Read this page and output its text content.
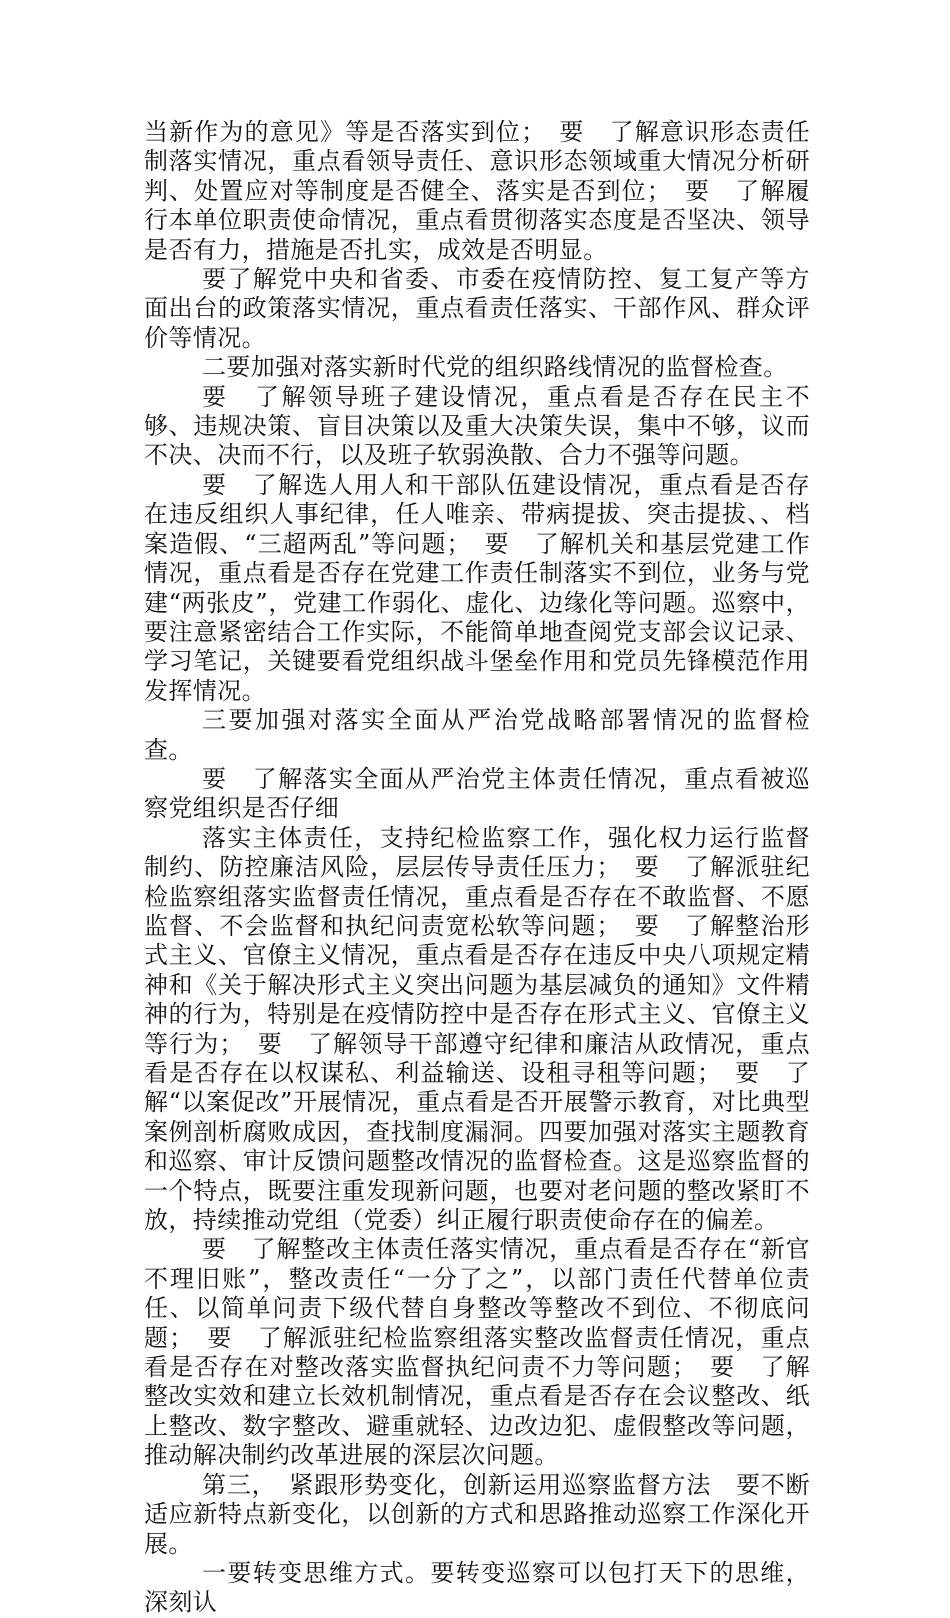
当新作为的意见》等是否落实到位；　要　了解意识形态责任制落实情况，重点看领导责任、意识形态领域重大情况分析研判、处置应对等制度是否健全、落实是否到位；　要　了解履行本单位职责使命情况，重点看贯彻落实态度是否坚决、领导是否有力，措施是否扎实，成效是否明显。

要了解党中央和省委、市委在疫情防控、复工复产等方面出台的政策落实情况，重点看责任落实、干部作风、群众评价等情况。

二要加强对落实新时代党的组织路线情况的监督检查。

要　了解领导班子建设情况，重点看是否存在民主不够、违规决策、盲目决策以及重大决策失误，集中不够，议而不决、决而不行，以及班子软弱涣散、合力不强等问题。

要　了解选人用人和干部队伍建设情况，重点看是否存在违反组织人事纪律，任人唯亲、带病提拔、突击提拔、、档案造假、“三超两乱”等问题；　要　了解机关和基层党建工作情况，重点看是否存在党建工作责任制落实不到位，业务与党建“两张皮”，党建工作弱化、虚化、边缘化等问题。巡察中，要注意紧密结合工作实际，不能简单地查阅党支部会议记录、学习笔记，关键要看党组织战斗堡垒作用和党员先锋模范作用发挥情况。

三要加强对落实全面从严治党战略部署情况的监督检查。

要　了解落实全面从严治党主体责任情况，重点看被巡察党组织是否仔细

落实主体责任，支持纪检监察工作，强化权力运行监督制约、防控廉洁风险，层层传导责任压力；　要　了解派驻纪检监察组落实监督责任情况，重点看是否存在不敢监督、不愿监督、不会监督和执纪问责宽松软等问题；　要　了解整治形式主义、官僚主义情况，重点看是否存在违反中央八项规定精神和《关于解决形式主义突出问题为基层减负的通知》文件精神的行为，特别是在疫情防控中是否存在形式主义、官僚主义等行为；　要　了解领导干部遵守纪律和廉洁从政情况，重点看是否存在以权谋私、利益输送、设租寻租等问题；　要　了解“以案促改”开展情况，重点看是否开展警示教育，对比典型案例剖析腐败成因，查找制度漏洞。四要加强对落实主题教育和巡察、审计反馈问题整改情况的监督检查。这是巡察监督的一个特点，既要注重发现新问题，也要对老问题的整改紧盯不放，持续推动党组（党委）纠正履行职责使命存在的偏差。

要　了解整改主体责任落实情况，重点看是否存在“新官不理旧账”，整改责任“一分了之”，以部门责任代替单位责任、以简单问责下级代替自身整改等整改不到位、不彻底问题；　要　了解派驻纪检监察组落实整改监督责任情况，重点看是否存在对整改落实监督执纪问责不力等问题；　要　了解整改实效和建立长效机制情况，重点看是否存在会议整改、纸上整改、数字整改、避重就轻、边改边犯、虚假整改等问题，推动解决制约改革进展的深层次问题。

第三，　紧跟形势变化，创新运用巡察监督方法　要不断适应新特点新变化，以创新的方式和思路推动巡察工作深化开展。

一要转变思维方式。要转变巡察可以包打天下的思维，深刻认
